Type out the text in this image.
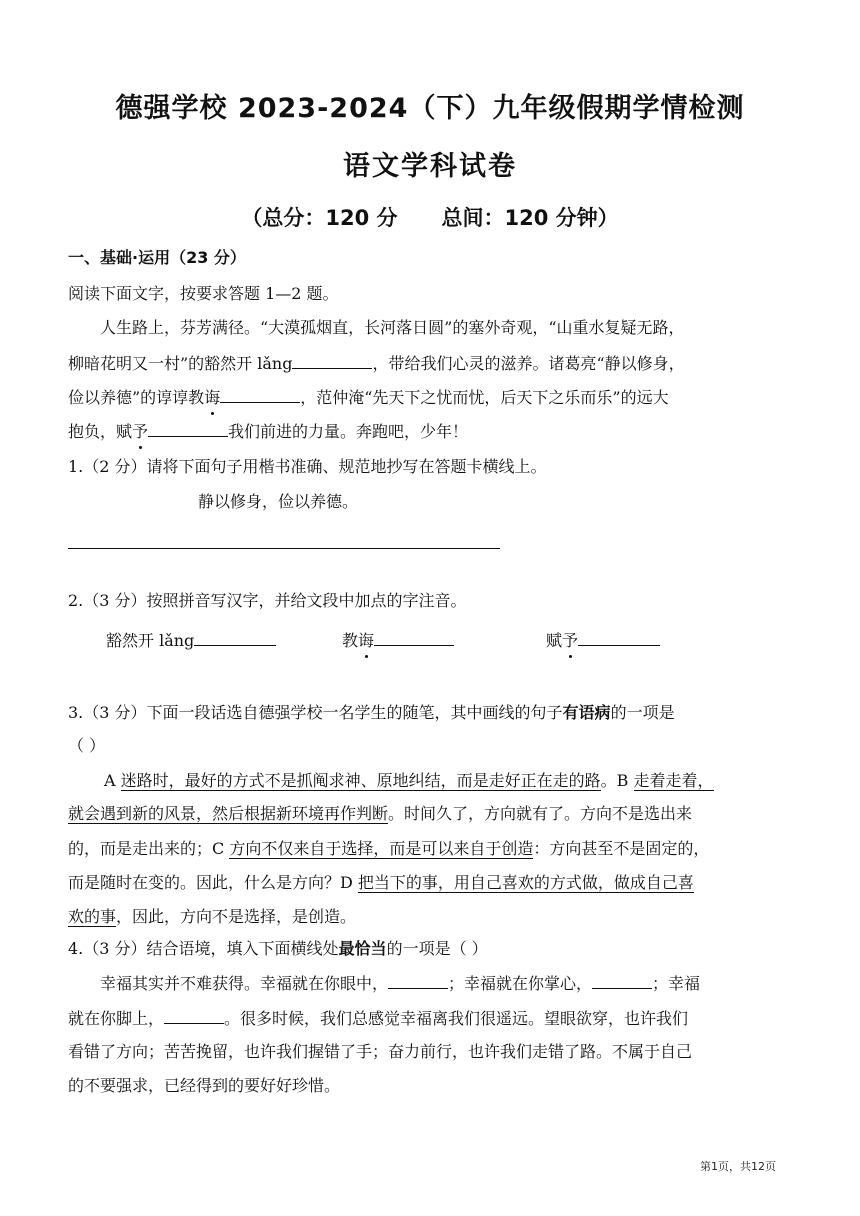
德强学校 2023-2024（下）九年级假期学情检测
语文学科试卷
（总分：120 分 总间：120 分钟）
一、基础·运用（23 分）
阅读下面文字，按要求答题 1—2 题。
人生路上，芬芳满径。“大漠孤烟直，长河落日圆”的塞外奇观，“山重水复疑无路，
柳暗花明又一村”的豁然开 lǎng	，带给我们心灵的滋养。诸葛亮“静以修身，
俭以养德”的谆谆教诲	，范仲淹“先天下之忧而忧，后天下之乐而乐”的远大
抱负，赋予	我们前进的力量。奔跑吧，少年！
1.（2 分）请将下面句子用楷书准确、规范地抄写在答题卡横线上。
静以修身，俭以养德。
2.（3 分）按照拼音写汉字，并给文段中加点的字注音。
豁然开 lǎng	教诲	赋予
3.（3 分）下面一段话选自德强学校一名学生的随笔，其中画线的句子有语病的一项是
（ ）
A 迷路时，最好的方式不是抓阄求神、原地纠结，而是走好正在走的路。B 走着走着，
就会遇到新的风景，然后根据新环境再作判断。时间久了，方向就有了。方向不是选出来
的，而是走出来的；C 方向不仅来自于选择，而是可以来自于创造：方向甚至不是固定的，
而是随时在变的。因此，什么是方向？D 把当下的事，用自己喜欢的方式做，做成自己喜
欢的事，因此，方向不是选择，是创造。
4.（3 分）结合语境，填入下面横线处最恰当的一项是（ ）
幸福其实并不难获得。幸福就在你眼中，	；幸福就在你掌心，	；幸福
就在你脚上，	。很多时候，我们总感觉幸福离我们很遥远。望眼欲穿，也许我们
看错了方向；苦苦挽留，也许我们握错了手；奋力前行，也许我们走错了路。不属于自己
的不要强求，已经得到的要好好珍惜。
第1页，共12页
